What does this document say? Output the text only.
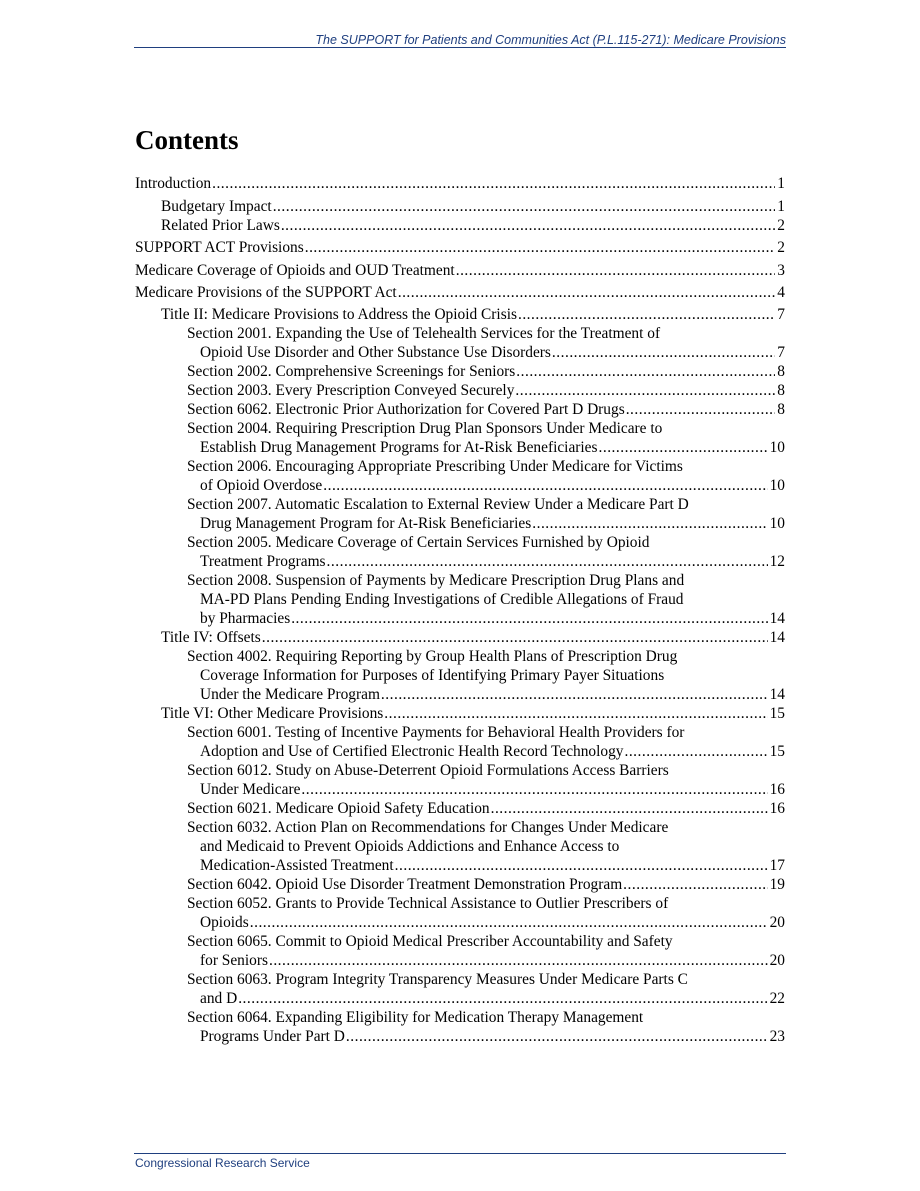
The SUPPORT for Patients and Communities Act (P.L.115-271): Medicare Provisions
Contents
Introduction .....	1
Budgetary Impact .....	1
Related Prior Laws .....	2
SUPPORT ACT Provisions .....	2
Medicare Coverage of Opioids and OUD Treatment .....	3
Medicare Provisions of the SUPPORT Act .....	4
Title II: Medicare Provisions to Address the Opioid Crisis .....	7
Section 2001. Expanding the Use of Telehealth Services for the Treatment of
Opioid Use Disorder and Other Substance Use Disorders .....	7
Section 2002. Comprehensive Screenings for Seniors .....	8
Section 2003. Every Prescription Conveyed Securely .....	8
Section 6062. Electronic Prior Authorization for Covered Part D Drugs .....	8
Section 2004. Requiring Prescription Drug Plan Sponsors Under Medicare to
Establish Drug Management Programs for At-Risk Beneficiaries .....	10
Section 2006. Encouraging Appropriate Prescribing Under Medicare for Victims
of Opioid Overdose .....	10
Section 2007. Automatic Escalation to External Review Under a Medicare Part D
Drug Management Program for At-Risk Beneficiaries .....	10
Section 2005. Medicare Coverage of Certain Services Furnished by Opioid
Treatment Programs .....	12
Section 2008. Suspension of Payments by Medicare Prescription Drug Plans and
MA-PD Plans Pending Ending Investigations of Credible Allegations of Fraud
by Pharmacies .....	14
Title IV: Offsets .....	14
Section 4002. Requiring Reporting by Group Health Plans of Prescription Drug
Coverage Information for Purposes of Identifying Primary Payer Situations
Under the Medicare Program .....	14
Title VI: Other Medicare Provisions .....	15
Section 6001. Testing of Incentive Payments for Behavioral Health Providers for
Adoption and Use of Certified Electronic Health Record Technology .....	15
Section 6012. Study on Abuse-Deterrent Opioid Formulations Access Barriers
Under Medicare .....	16
Section 6021. Medicare Opioid Safety Education .....	16
Section 6032. Action Plan on Recommendations for Changes Under Medicare
and Medicaid to Prevent Opioids Addictions and Enhance Access to
Medication-Assisted Treatment .....	17
Section 6042. Opioid Use Disorder Treatment Demonstration Program .....	19
Section 6052. Grants to Provide Technical Assistance to Outlier Prescribers of
Opioids .....	20
Section 6065. Commit to Opioid Medical Prescriber Accountability and Safety
for Seniors .....	20
Section 6063. Program Integrity Transparency Measures Under Medicare Parts C
and D .....	22
Section 6064. Expanding Eligibility for Medication Therapy Management
Programs Under Part D .....	23
Congressional Research Service
